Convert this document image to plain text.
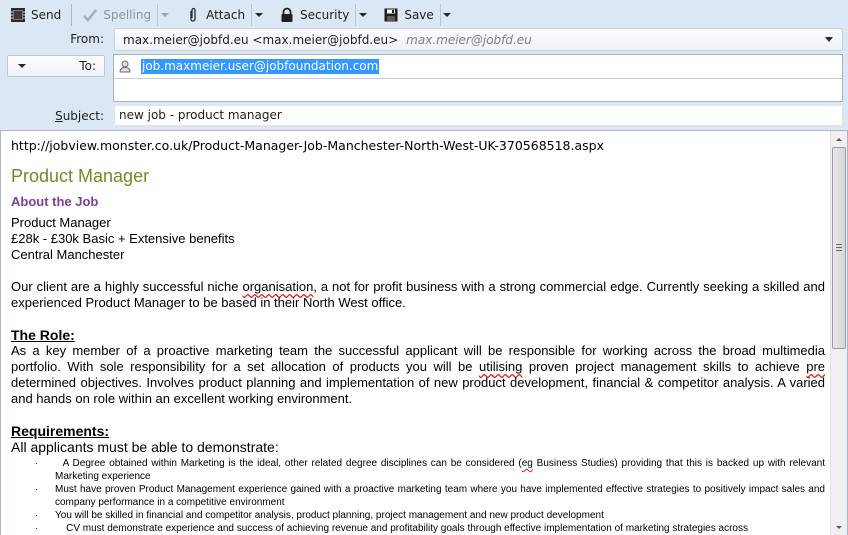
Send	Spelling	Attach	Security	Save
From: max.meier@jobfd.eu <max.meier@jobfd.eu> max.meier@jobfd.eu
To:	job.maxmeier.user@jobfoundation.com
Subject:	new job - product manager
http://jobview.monster.co.uk/Product-Manager-Job-Manchester-North-West-UK-370568518.aspx
Product Manager
About the Job
Product Manager
£28k - £30k Basic + Extensive benefits
Central Manchester
Our client are a highly successful niche organisation, a not for profit business with a strong commercial edge. Currently seeking a skilled and experienced Product Manager to be based in their North West office.
The Role:
As a key member of a proactive marketing team the successful applicant will be responsible for working across the broad multimedia portfolio. With sole responsibility for a set allocation of products you will be utilising proven project management skills to achieve pre determined objectives. Involves product planning and implementation of new product development, financial & competitor analysis. A varied and hands on role within an excellent working environment.
Requirements:
All applicants must be able to demonstrate:
·	A Degree obtained within Marketing is the ideal, other related degree disciplines can be considered (eg Business Studies) providing that this is backed up with relevant Marketing experience
·	Must have proven Product Management experience gained with a proactive marketing team where you have implemented effective strategies to positively impact sales and company performance in a competitive environment
·	You will be skilled in financial and competitor analysis, product planning, project management and new product development
·	CV must demonstrate experience and success of achieving revenue and profitability goals through effective implementation of marketing strategies across
